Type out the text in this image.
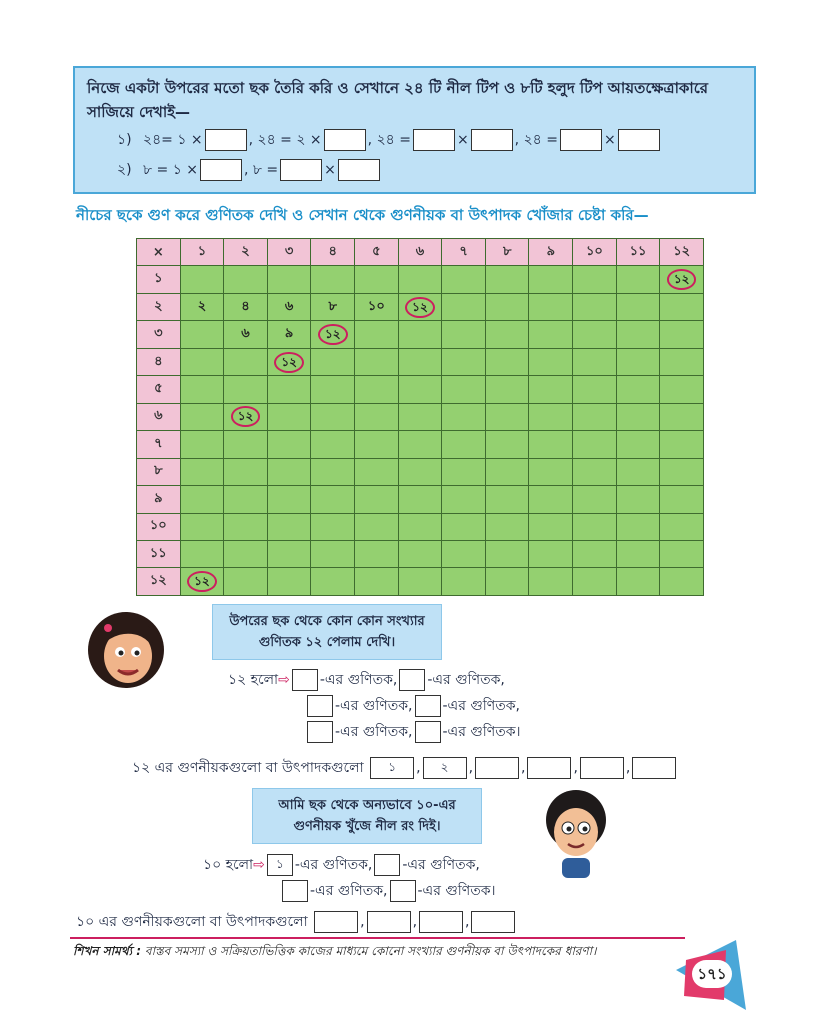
নিজে একটা উপরের মতো ছক তৈরি করি ও সেখানে ২৪ টি নীল টিপ ও ৮টি হলুদ টিপ আয়তক্ষেত্রাকারে সাজিয়ে দেখাই—
১) ২৪= ১ ×	,
২৪ = ২ ×	,
২৪ =	×	,
২৪ =	×
২) ৮ = ১ ×	,
৮ =	×
নীচের ছকে গুণ করে গুণিতক দেখি ও সেখান থেকে গুণনীয়ক বা উৎপাদক খোঁজার চেষ্টা করি—
×	১	২	৩	৪	৫	৬	৭	৮	৯	১০	১১	১২
১												১২
২	২	৪	৬	৮	১০	১২						
৩		৬	৯	১২								
৪			১২									
৫												
৬		১২										
৭												
৮												
৯												
১০												
১১												
১২	১২											
উপরের ছক থেকে কোন কোন সংখ্যার গুণিতক ১২ পেলাম দেখি।
১২ হলো ⇨ -এর গুণিতক, -এর গুণিতক,
-এর গুণিতক, -এর গুণিতক,
-এর গুণিতক, -এর গুণিতক।
১২ এর গুণনীয়কগুলো বা উৎপাদকগুলো
	১	,	২	,	,	,	,
আমি ছক থেকে অন্যভাবে ১০-এর গুণনীয়ক খুঁজে নীল রং দিই।
১০ হলো ⇨ ১ -এর গুণিতক, -এর গুণিতক,
-এর গুণিতক, -এর গুণিতক।
১০ এর গুণনীয়কগুলো বা উৎপাদকগুলো
	,	,	,
শিখন সামর্থ্য : বাস্তব সমস্যা ও সক্রিয়তাভিত্তিক কাজের মাধ্যমে কোনো সংখ্যার গুণনীয়ক বা উৎপাদকের ধারণা।
১৭১
